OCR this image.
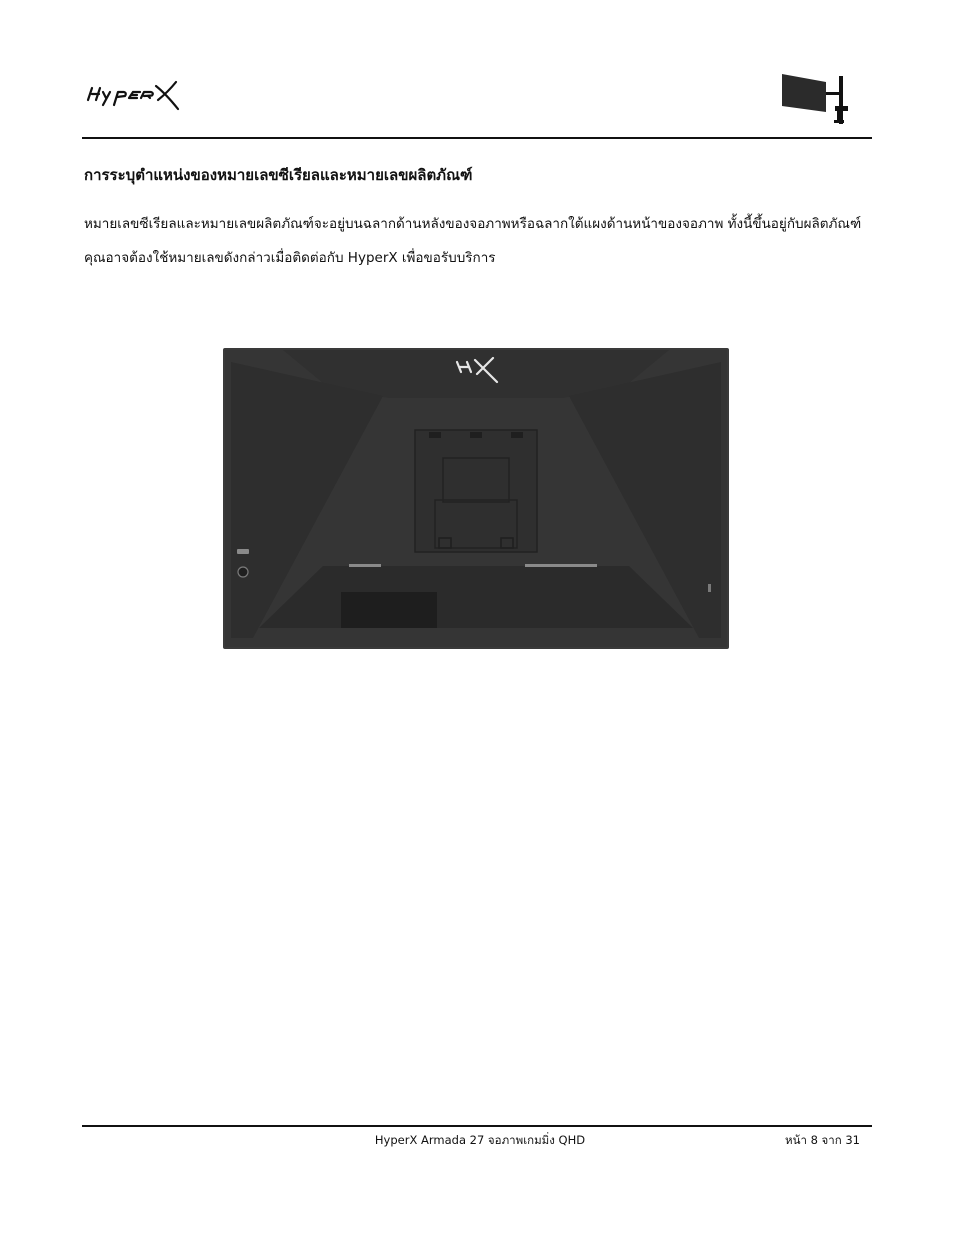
การระบุตำแหน่งของหมายเลขซีเรียลและหมายเลขผลิตภัณฑ์
หมายเลขซีเรียลและหมายเลขผลิตภัณฑ์จะอยู่บนฉลากด้านหลังของจอภาพหรือฉลากใต้แผงด้านหน้าของจอภาพ ทั้งนี้ขึ้นอยู่กับผลิตภัณฑ์ คุณอาจต้องใช้หมายเลขดังกล่าวเมื่อติดต่อกับ HyperX เพื่อขอรับบริการ
HyperX Armada 27 จอภาพเกมมิ่ง QHD	หน้า 8 จาก 31
